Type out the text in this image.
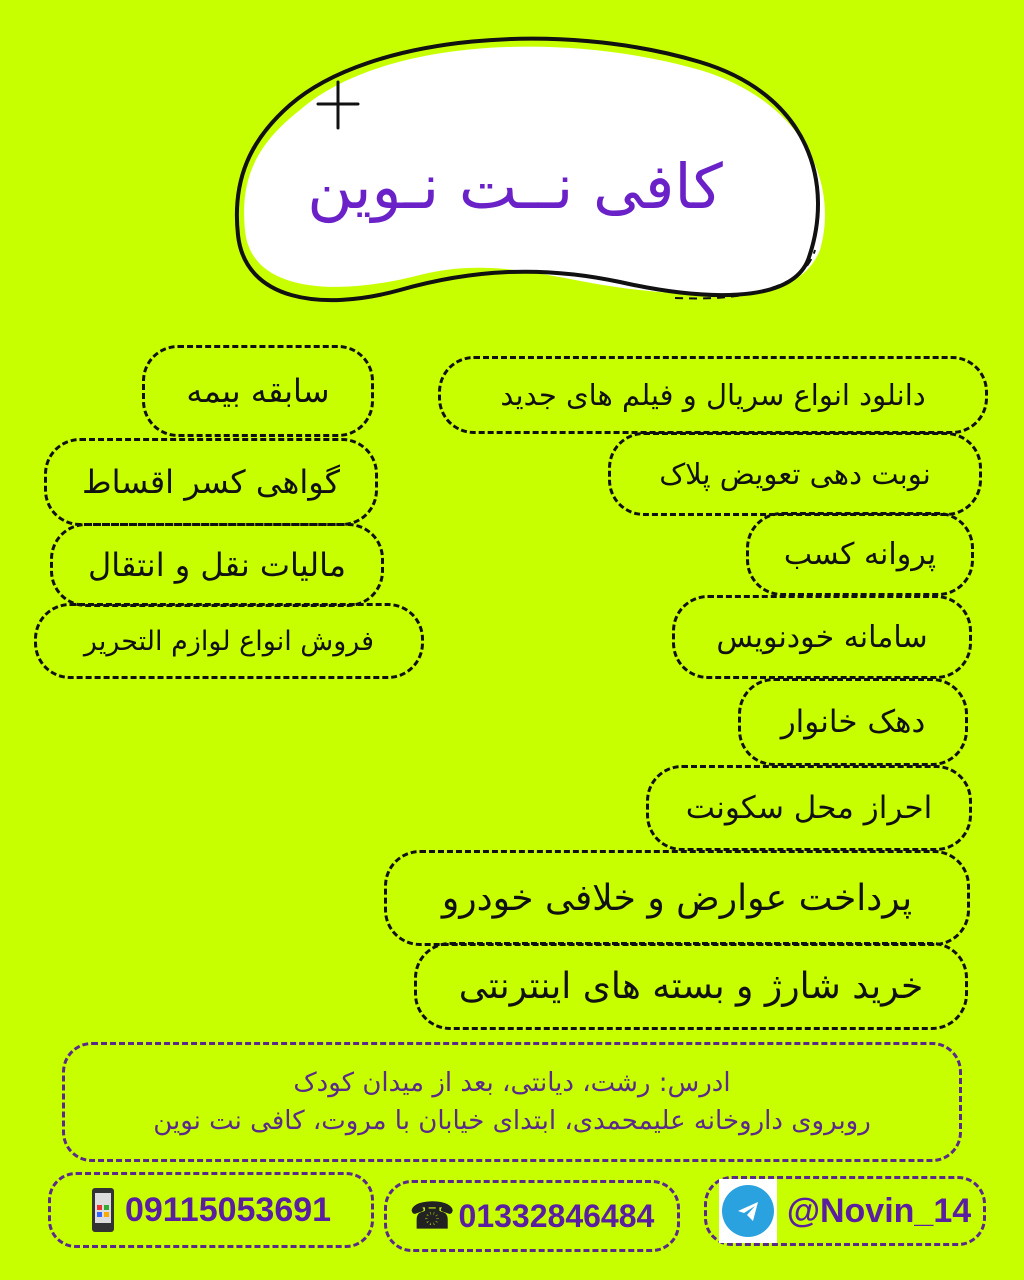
کافی نــت نـوین
سابقه بیمه
گواهی کسر اقساط
مالیات نقل و انتقال
فروش انواع لوازم التحریر
دانلود انواع سریال و فیلم های جدید
نوبت دهی تعویض پلاک
پروانه کسب
سامانه خودنویس
دهک خانوار
احراز محل سکونت
پرداخت عوارض و خلافی خودرو
خرید شارژ و بسته های اینترنتی
ادرس: رشت، دیانتی، بعد از میدان کودک
روبروی داروخانه علیمحمدی، ابتدای خیابان با مروت، کافی نت نوین
09115053691 ☎ 01332846484	@Novin_14
